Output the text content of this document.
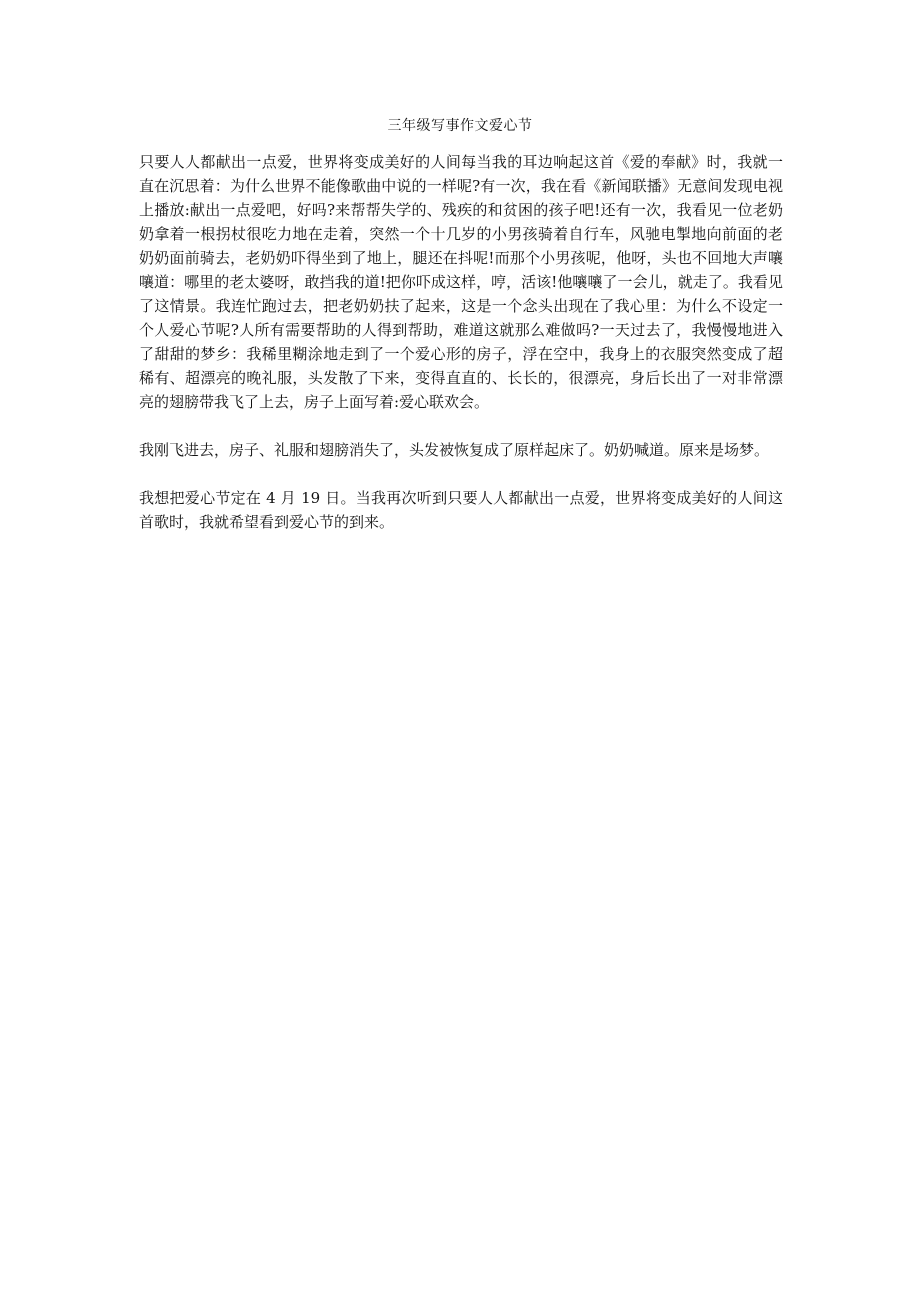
三年级写事作文爱心节

只要人人都献出一点爱，世界将变成美好的人间每当我的耳边响起这首《爱的奉献》时，我就一直在沉思着：为什么世界不能像歌曲中说的一样呢?有一次，我在看《新闻联播》无意间发现电视上播放:献出一点爱吧，好吗?来帮帮失学的、残疾的和贫困的孩子吧!还有一次，我看见一位老奶奶拿着一根拐杖很吃力地在走着，突然一个十几岁的小男孩骑着自行车，风驰电掣地向前面的老奶奶面前骑去，老奶奶吓得坐到了地上，腿还在抖呢!而那个小男孩呢，他呀，头也不回地大声嚷嚷道：哪里的老太婆呀，敢挡我的道!把你吓成这样，哼，活该!他嚷嚷了一会儿，就走了。我看见了这情景。我连忙跑过去，把老奶奶扶了起来，这是一个念头出现在了我心里：为什么不设定一个人爱心节呢?人所有需要帮助的人得到帮助，难道这就那么难做吗?一天过去了，我慢慢地进入了甜甜的梦乡：我稀里糊涂地走到了一个爱心形的房子，浮在空中，我身上的衣服突然变成了超稀有、超漂亮的晚礼服，头发散了下来，变得直直的、长长的，很漂亮，身后长出了一对非常漂亮的翅膀带我飞了上去，房子上面写着:爱心联欢会。

我刚飞进去，房子、礼服和翅膀消失了，头发被恢复成了原样起床了。奶奶喊道。原来是场梦。

我想把爱心节定在 4 月 19 日。当我再次听到只要人人都献出一点爱，世界将变成美好的人间这首歌时，我就希望看到爱心节的到来。
